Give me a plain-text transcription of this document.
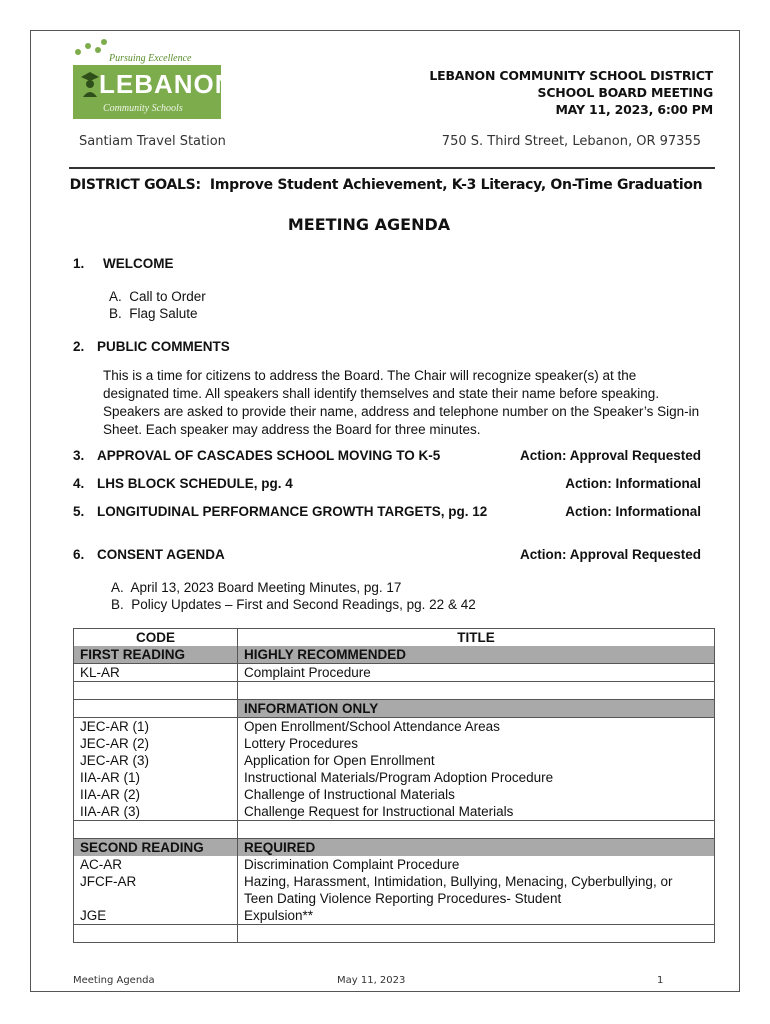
Pursuing Excellence
LEBANON
Community Schools
LEBANON COMMUNITY SCHOOL DISTRICT
SCHOOL BOARD MEETING
MAY 11, 2023, 6:00 PM
Santiam Travel Station	750 S. Third Street, Lebanon, OR 97355
DISTRICT GOALS:  Improve Student Achievement, K-3 Literacy, On-Time Graduation
MEETING AGENDA
1. WELCOME
A.  Call to Order
B.  Flag Salute
2. PUBLIC COMMENTS
This is a time for citizens to address the Board. The Chair will recognize speaker(s) at the
designated time. All speakers shall identify themselves and state their name before speaking.
Speakers are asked to provide their name, address and telephone number on the Speaker’s Sign-in
Sheet. Each speaker may address the Board for three minutes.
3. APPROVAL OF CASCADES SCHOOL MOVING TO K-5	Action: Approval Requested
4. LHS BLOCK SCHEDULE, pg. 4	Action: Informational
5. LONGITUDINAL PERFORMANCE GROWTH TARGETS, pg. 12	Action: Informational
6. CONSENT AGENDA	Action: Approval Requested
A.  April 13, 2023 Board Meeting Minutes, pg. 17
B.  Policy Updates – First and Second Readings, pg. 22 & 42
CODE	TITLE
FIRST READING	HIGHLY RECOMMENDED
KL-AR	Complaint Procedure

	INFORMATION ONLY
JEC-AR (1)	Open Enrollment/School Attendance Areas
JEC-AR (2)	Lottery Procedures
JEC-AR (3)	Application for Open Enrollment
IIA-AR (1)	Instructional Materials/Program Adoption Procedure
IIA-AR (2)	Challenge of Instructional Materials
IIA-AR (3)	Challenge Request for Instructional Materials

SECOND READING	REQUIRED
AC-AR	Discrimination Complaint Procedure
JFCF-AR	Hazing, Harassment, Intimidation, Bullying, Menacing, Cyberbullying, or
	Teen Dating Violence Reporting Procedures- Student
JGE	Expulsion**

Meeting Agenda	May 11, 2023	1
